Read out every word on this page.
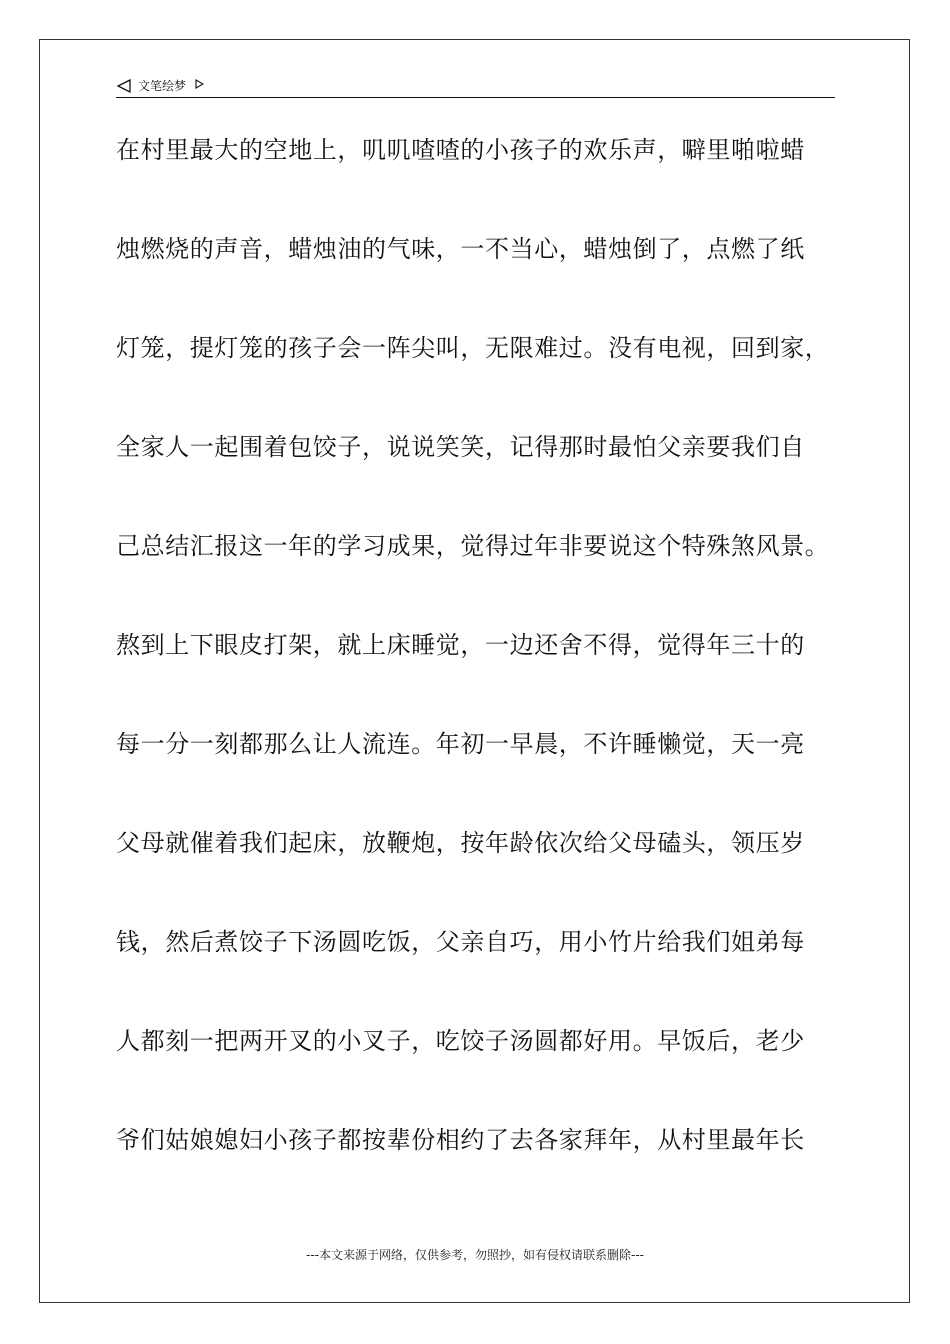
文笔绘梦
在村里最大的空地上，叽叽喳喳的小孩子的欢乐声，噼里啪啦蜡
烛燃烧的声音，蜡烛油的气味，一不当心，蜡烛倒了，点燃了纸
灯笼，提灯笼的孩子会一阵尖叫，无限难过。没有电视，回到家，
全家人一起围着包饺子，说说笑笑，记得那时最怕父亲要我们自
己总结汇报这一年的学习成果，觉得过年非要说这个特殊煞风景。
熬到上下眼皮打架，就上床睡觉，一边还舍不得，觉得年三十的
每一分一刻都那么让人流连。年初一早晨，不许睡懒觉，天一亮
父母就催着我们起床，放鞭炮，按年龄依次给父母磕头，领压岁
钱，然后煮饺子下汤圆吃饭，父亲自巧，用小竹片给我们姐弟每
人都刻一把两开叉的小叉子，吃饺子汤圆都好用。早饭后，老少
爷们姑娘媳妇小孩子都按辈份相约了去各家拜年，从村里最年长
---本文来源于网络，仅供参考，勿照抄，如有侵权请联系删除---
